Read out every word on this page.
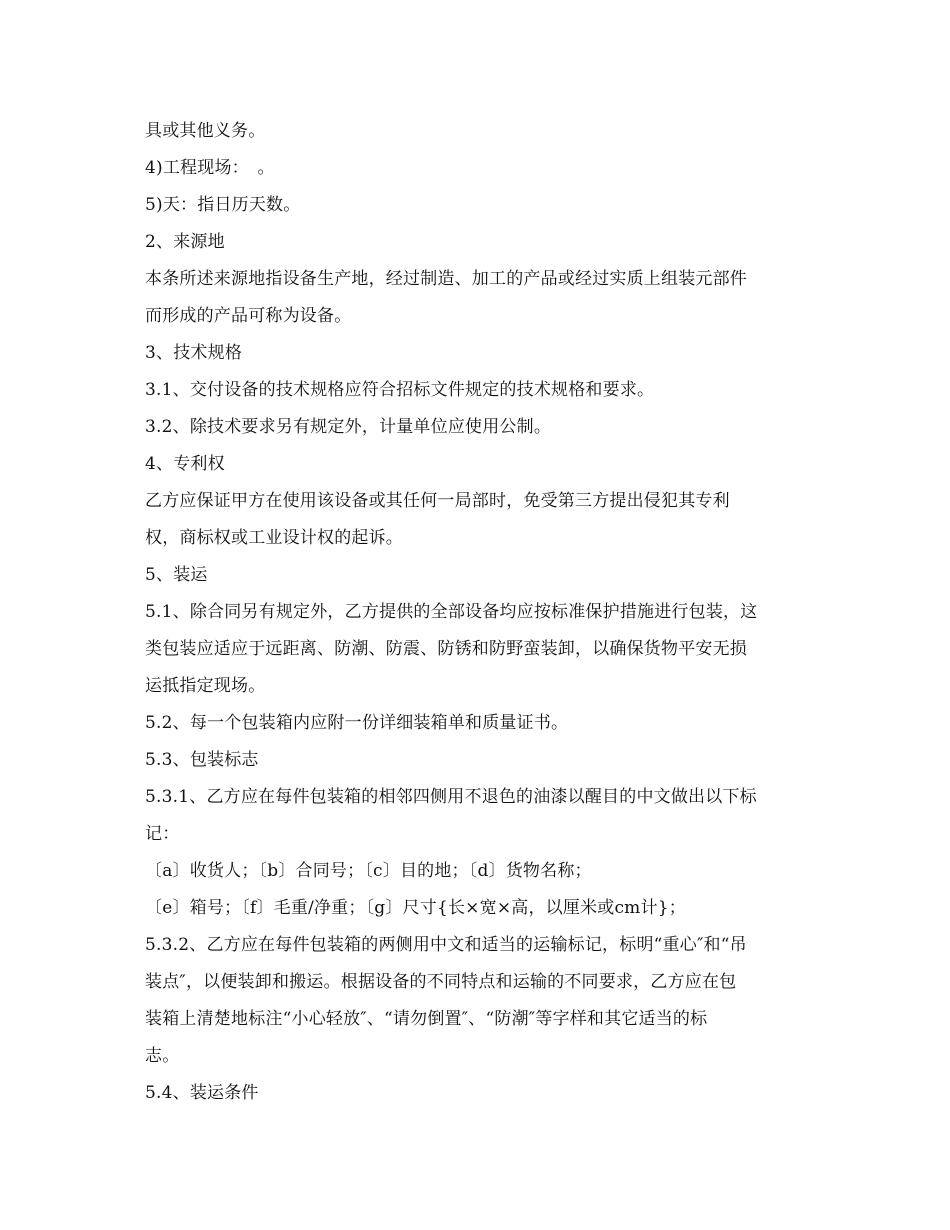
具或其他义务。
4)工程现场：　。
5)天：指日历天数。
2、来源地
本条所述来源地指设备生产地，经过制造、加工的产品或经过实质上组装元部件
而形成的产品可称为设备。
3、技术规格
3.1、交付设备的技术规格应符合招标文件规定的技术规格和要求。
3.2、除技术要求另有规定外，计量单位应使用公制。
4、专利权
乙方应保证甲方在使用该设备或其任何一局部时，免受第三方提出侵犯其专利
权，商标权或工业设计权的起诉。
5、装运
5.1、除合同另有规定外，乙方提供的全部设备均应按标准保护措施进行包装，这
类包装应适应于远距离、防潮、防震、防锈和防野蛮装卸，以确保货物平安无损
运抵指定现场。
5.2、每一个包装箱内应附一份详细装箱单和质量证书。
5.3、包装标志
5.3.1、乙方应在每件包装箱的相邻四侧用不退色的油漆以醒目的中文做出以下标
记：
〔a〕收货人；〔b〕合同号；〔c〕目的地；〔d〕货物名称；
〔e〕箱号；〔f〕毛重/净重；〔g〕尺寸{长×宽×高，以厘米或cm计}；
5.3.2、乙方应在每件包装箱的两侧用中文和适当的运输标记，标明“重心″和“吊
装点″，以便装卸和搬运。根据设备的不同特点和运输的不同要求，乙方应在包
装箱上清楚地标注“小心轻放″、“请勿倒置″、“防潮″等字样和其它适当的标
志。
5.4、装运条件
